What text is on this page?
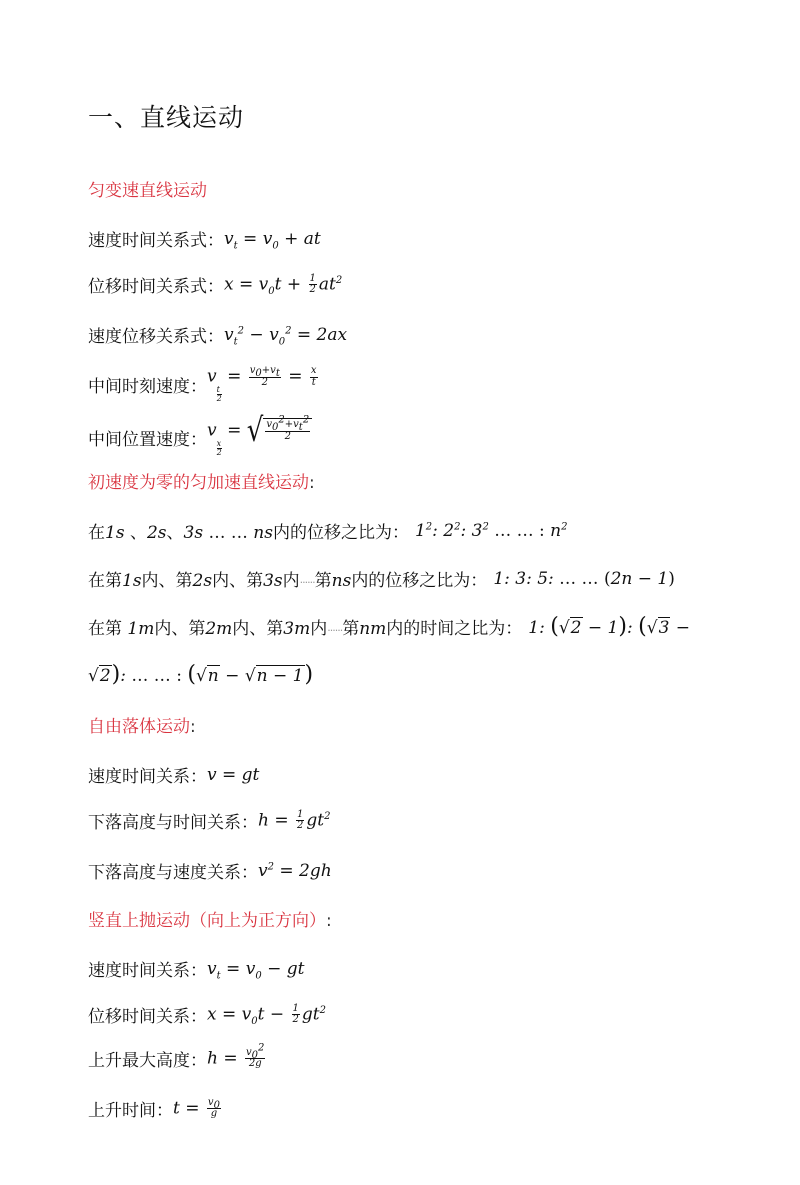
一、直线运动
匀变速直线运动
速度时间关系式： $v_t = v_0$ + at
位移时间关系式： $x = v_0t + \frac{1}{2} at^2$
速度位移关系式： $v_t^2 - v_0^2 = 2ax$
中间时刻速度：
v
$_{\frac{t}{2}}$
= $\frac{v_0+v_t}{2} = \frac{x}{t}$
中间位置速度： v
$_{\frac{x}{2}}$
= √ $\frac{v_0^2+v_t^2}{2}$
初速度为零的匀加速直线运动:
在1s 、2s、3s … … ns内的位移之比为： $1^2$: $2^2$: $3^2$ … … : $n^2$
在第1s内、第2s内、第3s内······第ns内的位移之比为： 1: 3: 5: … … (2n − 1)
在第 1m内、第2m内、第3m内······第nm内的时间之比为： 1: (√2 − 1): (√3 −
√2): … … : (√n − √n − 1)
自由落体运动:
速度时间关系： v = gt
下落高度与时间关系： $h = \frac{1}{2} gt^2$
下落高度与速度关系： $v^2 = 2gh$
竖直上抛运动（向上为正方向）:
速度时间关系： $v_t = v_0$ − gt
位移时间关系： $x = v_0t - \frac{1}{2} gt^2$
上升最大高度： $h = \frac{v_0^2}{2g}$
上升时间： $t = \frac{v_0}{g}$
